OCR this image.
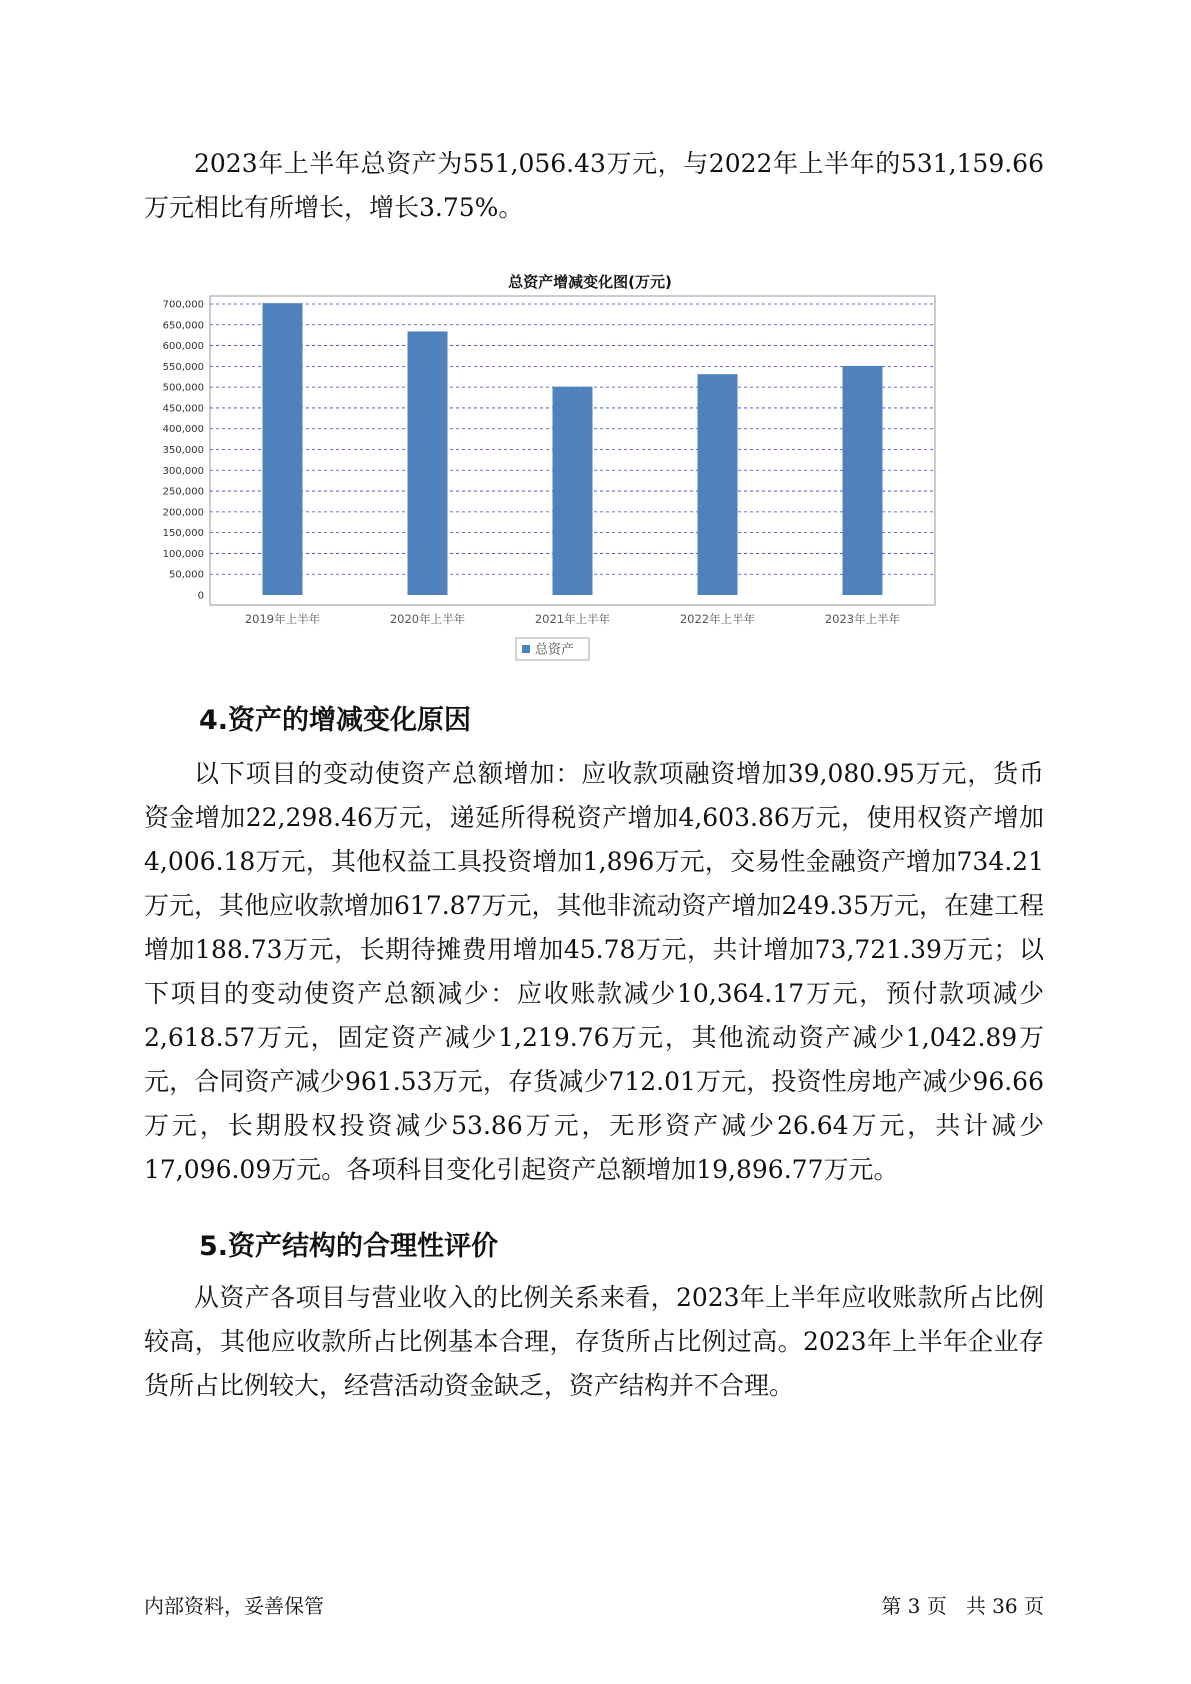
2023年上半年总资产为551,056.43万元，与2022年上半年的531,159.66万元相比有所增长，增长3.75%。

总资产增减变化图(万元)
0
50,000
100,000
150,000
200,000
250,000
300,000
350,000
400,000
450,000
500,000
550,000
600,000
650,000
700,000
2019年上半年	2020年上半年	2021年上半年	2022年上半年	2023年上半年
总资产
4.资产的增减变化原因

以下项目的变动使资产总额增加：应收款项融资增加39,080.95万元，货币资金增加22,298.46万元，递延所得税资产增加4,603.86万元，使用权资产增加4,006.18万元，其他权益工具投资增加1,896万元，交易性金融资产增加734.21万元，其他应收款增加617.87万元，其他非流动资产增加249.35万元，在建工程增加188.73万元，长期待摊费用增加45.78万元，共计增加73,721.39万元；以下项目的变动使资产总额减少：应收账款减少10,364.17万元，预付款项减少2,618.57万元，固定资产减少1,219.76万元，其他流动资产减少1,042.89万元，合同资产减少961.53万元，存货减少712.01万元，投资性房地产减少96.66万元，长期股权投资减少53.86万元，无形资产减少26.64万元，共计减少17,096.09万元。各项科目变化引起资产总额增加19,896.77万元。

5.资产结构的合理性评价

从资产各项目与营业收入的比例关系来看，2023年上半年应收账款所占比例较高，其他应收款所占比例基本合理，存货所占比例过高。2023年上半年企业存货所占比例较大，经营活动资金缺乏，资产结构并不合理。

内部资料，妥善保管	第 3 页   共 36 页
